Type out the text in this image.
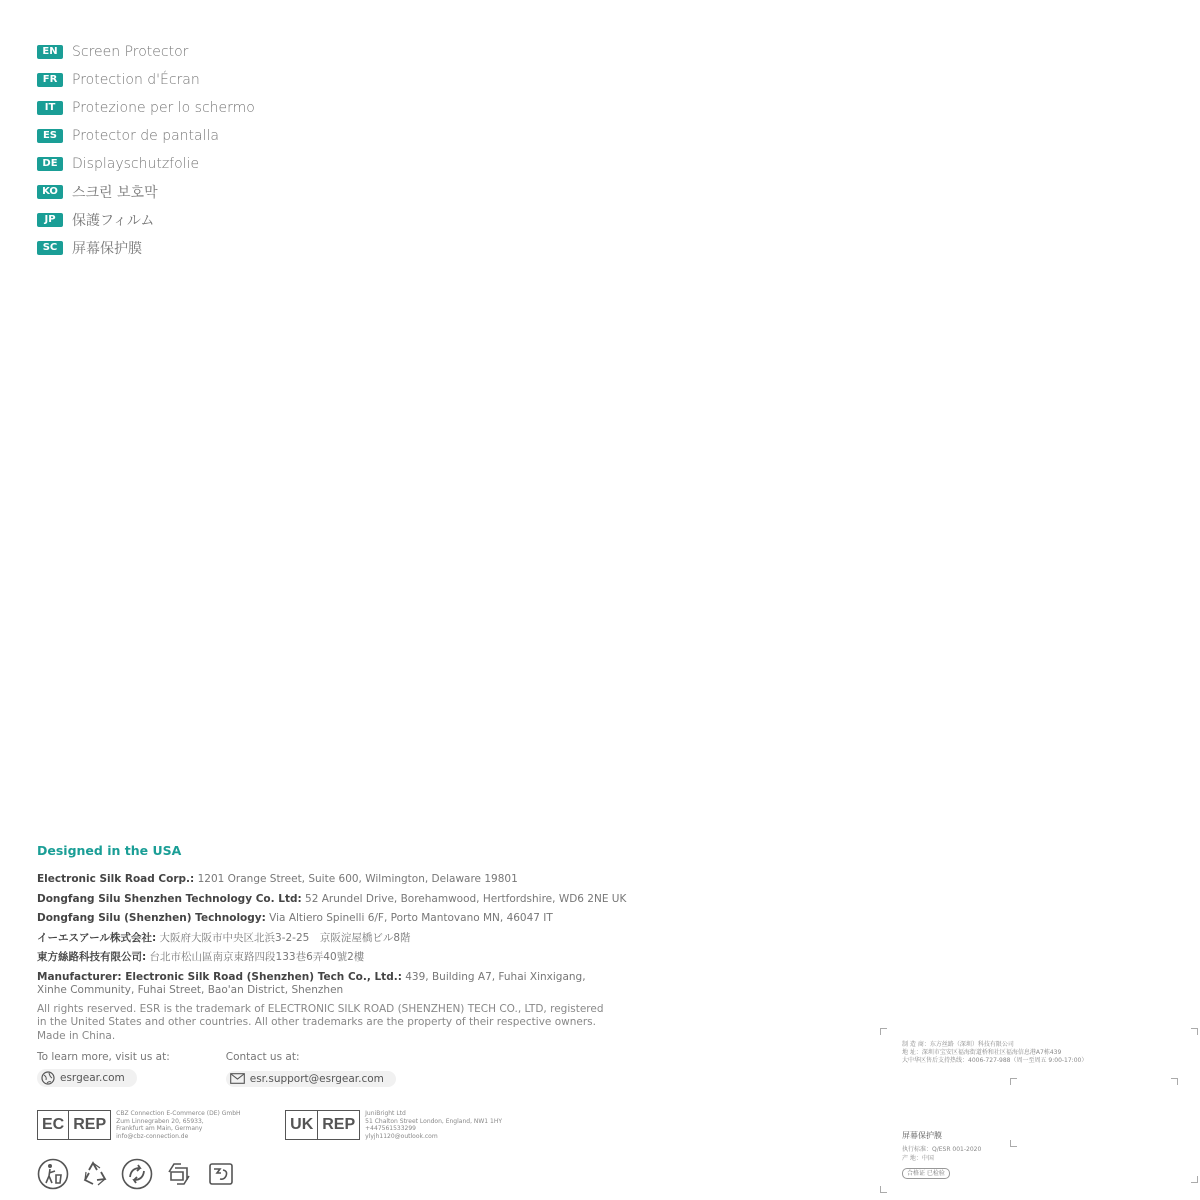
EN	Screen Protector
FR	Protection d'Écran
IT	Protezione per lo schermo
ES	Protector de pantalla
DE	Displayschutzfolie
KO	스크린 보호막
JP	保護フィルム
SC	屏幕保护膜
Designed in the USA
Electronic Silk Road Corp.: 1201 Orange Street, Suite 600, Wilmington, Delaware 19801
Dongfang Silu Shenzhen Technology Co. Ltd: 52 Arundel Drive, Borehamwood, Hertfordshire, WD6 2NE UK
Dongfang Silu (Shenzhen) Technology: Via Altiero Spinelli 6/F, Porto Mantovano MN, 46047 IT
イーエスアール株式会社: 大阪府大阪市中央区北浜3-2-25　京阪淀屋橋ビル8階
東方絲路科技有限公司: 台北市松山區南京東路四段133巷6弄40號2樓
Manufacturer: Electronic Silk Road (Shenzhen) Tech Co., Ltd.: 439, Building A7, Fuhai Xinxigang, Xinhe Community, Fuhai Street, Bao'an District, Shenzhen
All rights reserved. ESR is the trademark of ELECTRONIC SILK ROAD (SHENZHEN) TECH CO., LTD, registered in the United States and other countries. All other trademarks are the property of their respective owners. Made in China.
To learn more, visit us at:
esrgear.com
Contact us at:
esr.support@esrgear.com
EC REP
CBZ Connection E-Commerce (DE) GmbH
Zum Linnegraben 20, 65933,
Frankfurt am Main, Germany
info@cbz-connection.de
UK REP
JuniBright Ltd
51 Chalton Street London, England, NW1 1HY
+447561533299
ylyjh1120@outlook.com
制 造 商：东方丝路（深圳）科技有限公司
地 址：深圳市宝安区福海街道桥和社区福海信息港A7栋439
大中华区售后支持热线：4006-727-988（周一至周五 9:00-17:00）
屏幕保护膜
执行标准：Q/ESR 001-2020
产 地：中国
合格证 已检验
